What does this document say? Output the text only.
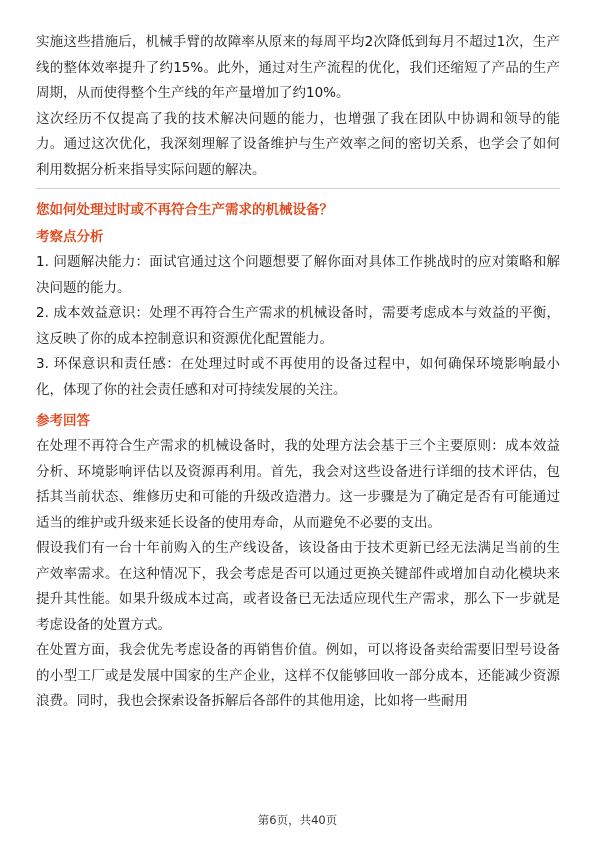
实施这些措施后，机械手臂的故障率从原来的每周平均2次降低到每月不超过1次，生产线的整体效率提升了约15%。此外，通过对生产流程的优化，我们还缩短了产品的生产周期，从而使得整个生产线的年产量增加了约10%。

这次经历不仅提高了我的技术解决问题的能力，也增强了我在团队中协调和领导的能力。通过这次优化，我深刻理解了设备维护与生产效率之间的密切关系，也学会了如何利用数据分析来指导实际问题的解决。

您如何处理过时或不再符合生产需求的机械设备？

考察点分析

1. 问题解决能力：面试官通过这个问题想要了解你面对具体工作挑战时的应对策略和解决问题的能力。

2. 成本效益意识：处理不再符合生产需求的机械设备时，需要考虑成本与效益的平衡，这反映了你的成本控制意识和资源优化配置能力。

3. 环保意识和责任感：在处理过时或不再使用的设备过程中，如何确保环境影响最小化，体现了你的社会责任感和对可持续发展的关注。

参考回答

在处理不再符合生产需求的机械设备时，我的处理方法会基于三个主要原则：成本效益分析、环境影响评估以及资源再利用。首先，我会对这些设备进行详细的技术评估，包括其当前状态、维修历史和可能的升级改造潜力。这一步骤是为了确定是否有可能通过适当的维护或升级来延长设备的使用寿命，从而避免不必要的支出。

假设我们有一台十年前购入的生产线设备，该设备由于技术更新已经无法满足当前的生产效率需求。在这种情况下，我会考虑是否可以通过更换关键部件或增加自动化模块来提升其性能。如果升级成本过高，或者设备已无法适应现代生产需求，那么下一步就是考虑设备的处置方式。

在处置方面，我会优先考虑设备的再销售价值。例如，可以将设备卖给需要旧型号设备的小型工厂或是发展中国家的生产企业，这样不仅能够回收一部分成本，还能减少资源浪费。同时，我也会探索设备拆解后各部件的其他用途，比如将一些耐用

第6页，共40页
